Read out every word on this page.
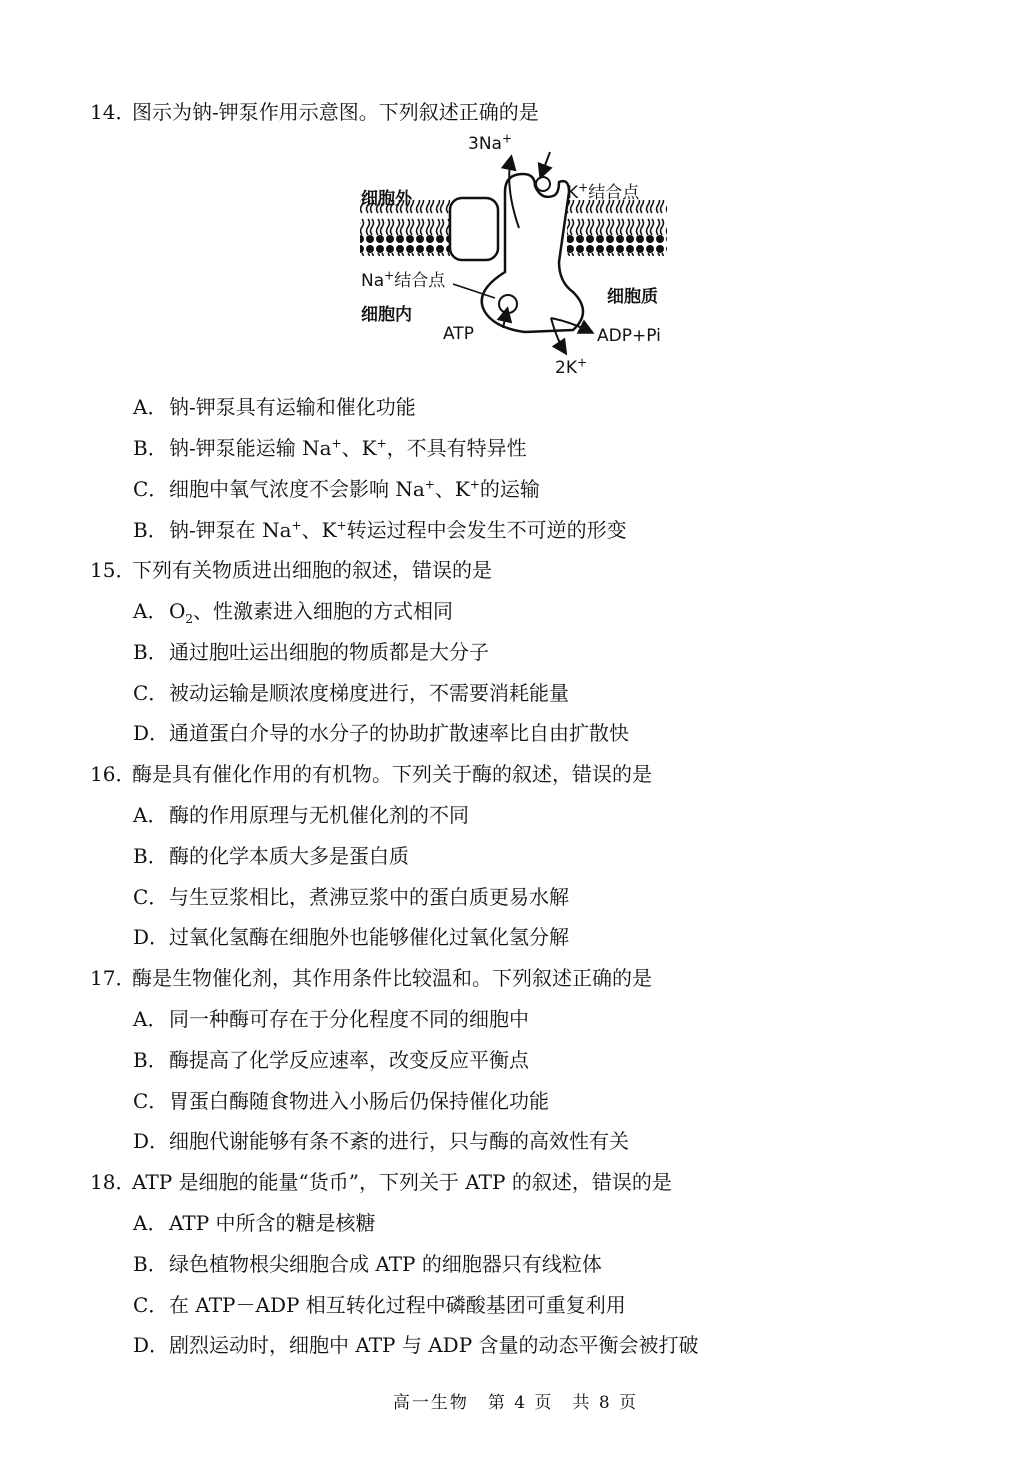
14．图示为钠-钾泵作用示意图。下列叙述正确的是
3Na+
细胞外	K+结合点
Na+结合点
细胞内
细胞质
ATP	ADP+Pi
2K+
A．钠-钾泵具有运输和催化功能
B．钠-钾泵能运输 Na+、K+，不具有特异性
C．细胞中氧气浓度不会影响 Na+、K+的运输
B．钠-钾泵在 Na+、K+转运过程中会发生不可逆的形变
15．下列有关物质进出细胞的叙述，错误的是
A．$O_2$、性激素进入细胞的方式相同
B．通过胞吐运出细胞的物质都是大分子
C．被动运输是顺浓度梯度进行，不需要消耗能量
D．通道蛋白介导的水分子的协助扩散速率比自由扩散快
16．酶是具有催化作用的有机物。下列关于酶的叙述，错误的是
A．酶的作用原理与无机催化剂的不同
B．酶的化学本质大多是蛋白质
C．与生豆浆相比，煮沸豆浆中的蛋白质更易水解
D．过氧化氢酶在细胞外也能够催化过氧化氢分解
17．酶是生物催化剂，其作用条件比较温和。下列叙述正确的是
A．同一种酶可存在于分化程度不同的细胞中
B．酶提高了化学反应速率，改变反应平衡点
C．胃蛋白酶随食物进入小肠后仍保持催化功能
D．细胞代谢能够有条不紊的进行，只与酶的高效性有关
18．ATP 是细胞的能量“货币”，下列关于 ATP 的叙述，错误的是
A．ATP 中所含的糖是核糖
B．绿色植物根尖细胞合成 ATP 的细胞器只有线粒体
C．在 ATP－ADP 相互转化过程中磷酸基团可重复利用
D．剧烈运动时，细胞中 ATP 与 ADP 含量的动态平衡会被打破
高一生物　第 4 页　共 8 页
